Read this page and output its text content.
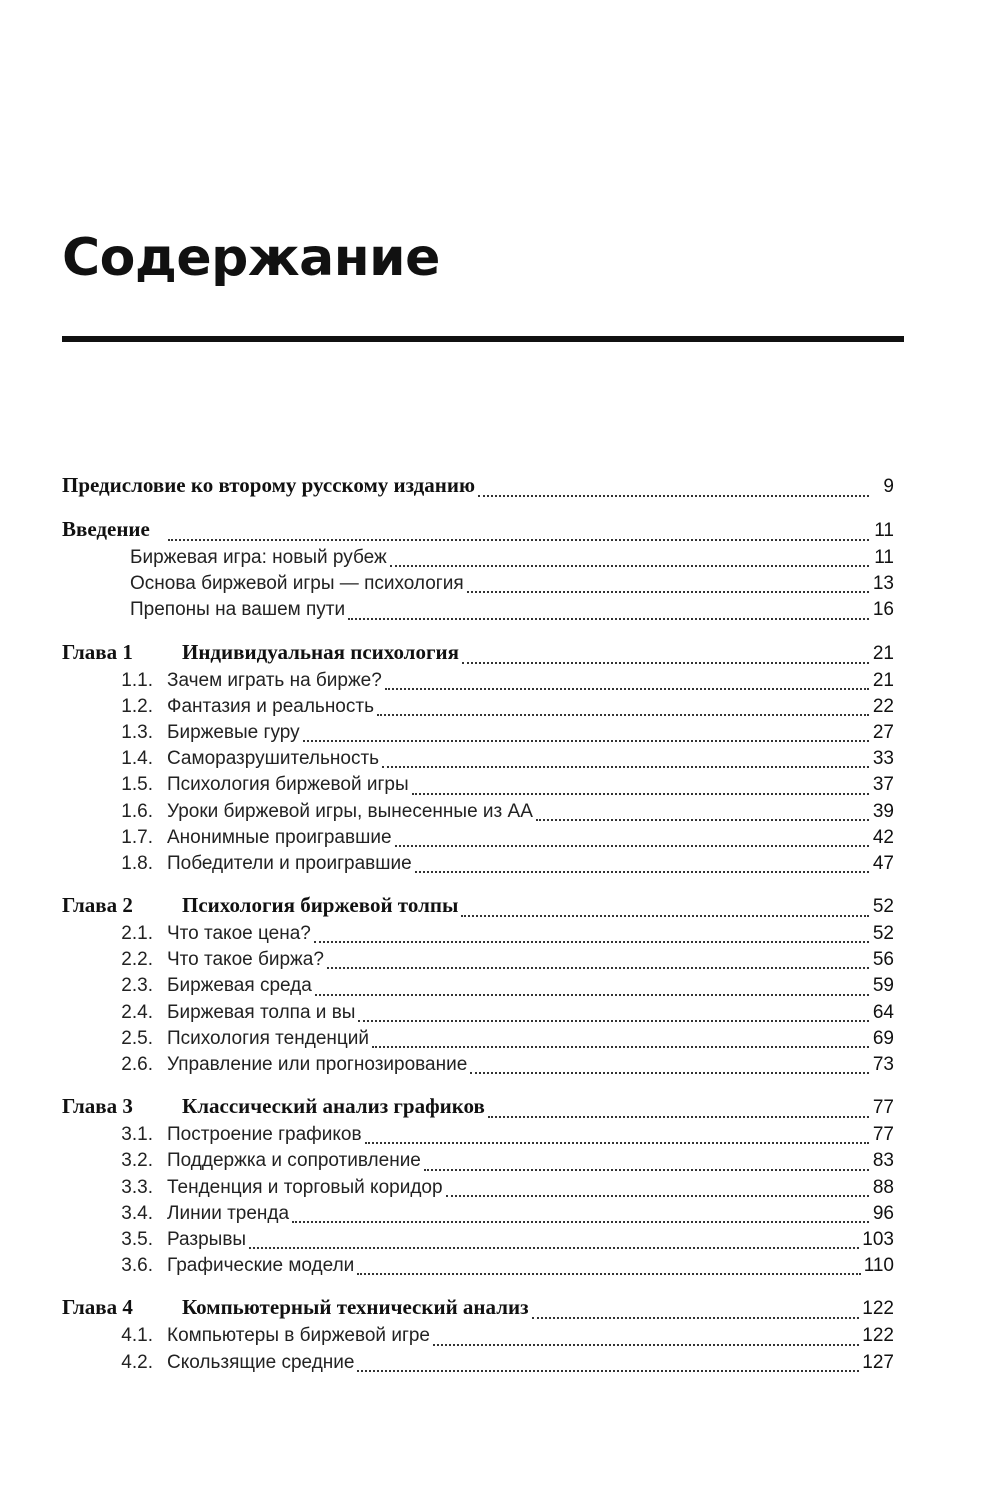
Содержание
Предисловие ко второму русскому изданию	9
Введение	11
Биржевая игра: новый рубеж	11
Основа биржевой игры — психология	13
Препоны на вашем пути	16
Глава 1	Индивидуальная психология	21
1.1. Зачем играть на бирже?	21
1.2. Фантазия и реальность	22
1.3. Биржевые гуру	27
1.4. Саморазрушительность	33
1.5. Психология биржевой игры	37
1.6. Уроки биржевой игры, вынесенные из АА	39
1.7. Анонимные проигравшие	42
1.8. Победители и проигравшие	47
Глава 2	Психология биржевой толпы	52
2.1. Что такое цена?	52
2.2. Что такое биржа?	56
2.3. Биржевая среда	59
2.4. Биржевая толпа и вы	64
2.5. Психология тенденций	69
2.6. Управление или прогнозирование	73
Глава 3	Классический анализ графиков	77
3.1. Построение графиков	77
3.2. Поддержка и сопротивление	83
3.3. Тенденция и торговый коридор	88
3.4. Линии тренда	96
3.5. Разрывы	103
3.6. Графические модели	110
Глава 4	Компьютерный технический анализ	122
4.1. Компьютеры в биржевой игре	122
4.2. Скользящие средние	127
